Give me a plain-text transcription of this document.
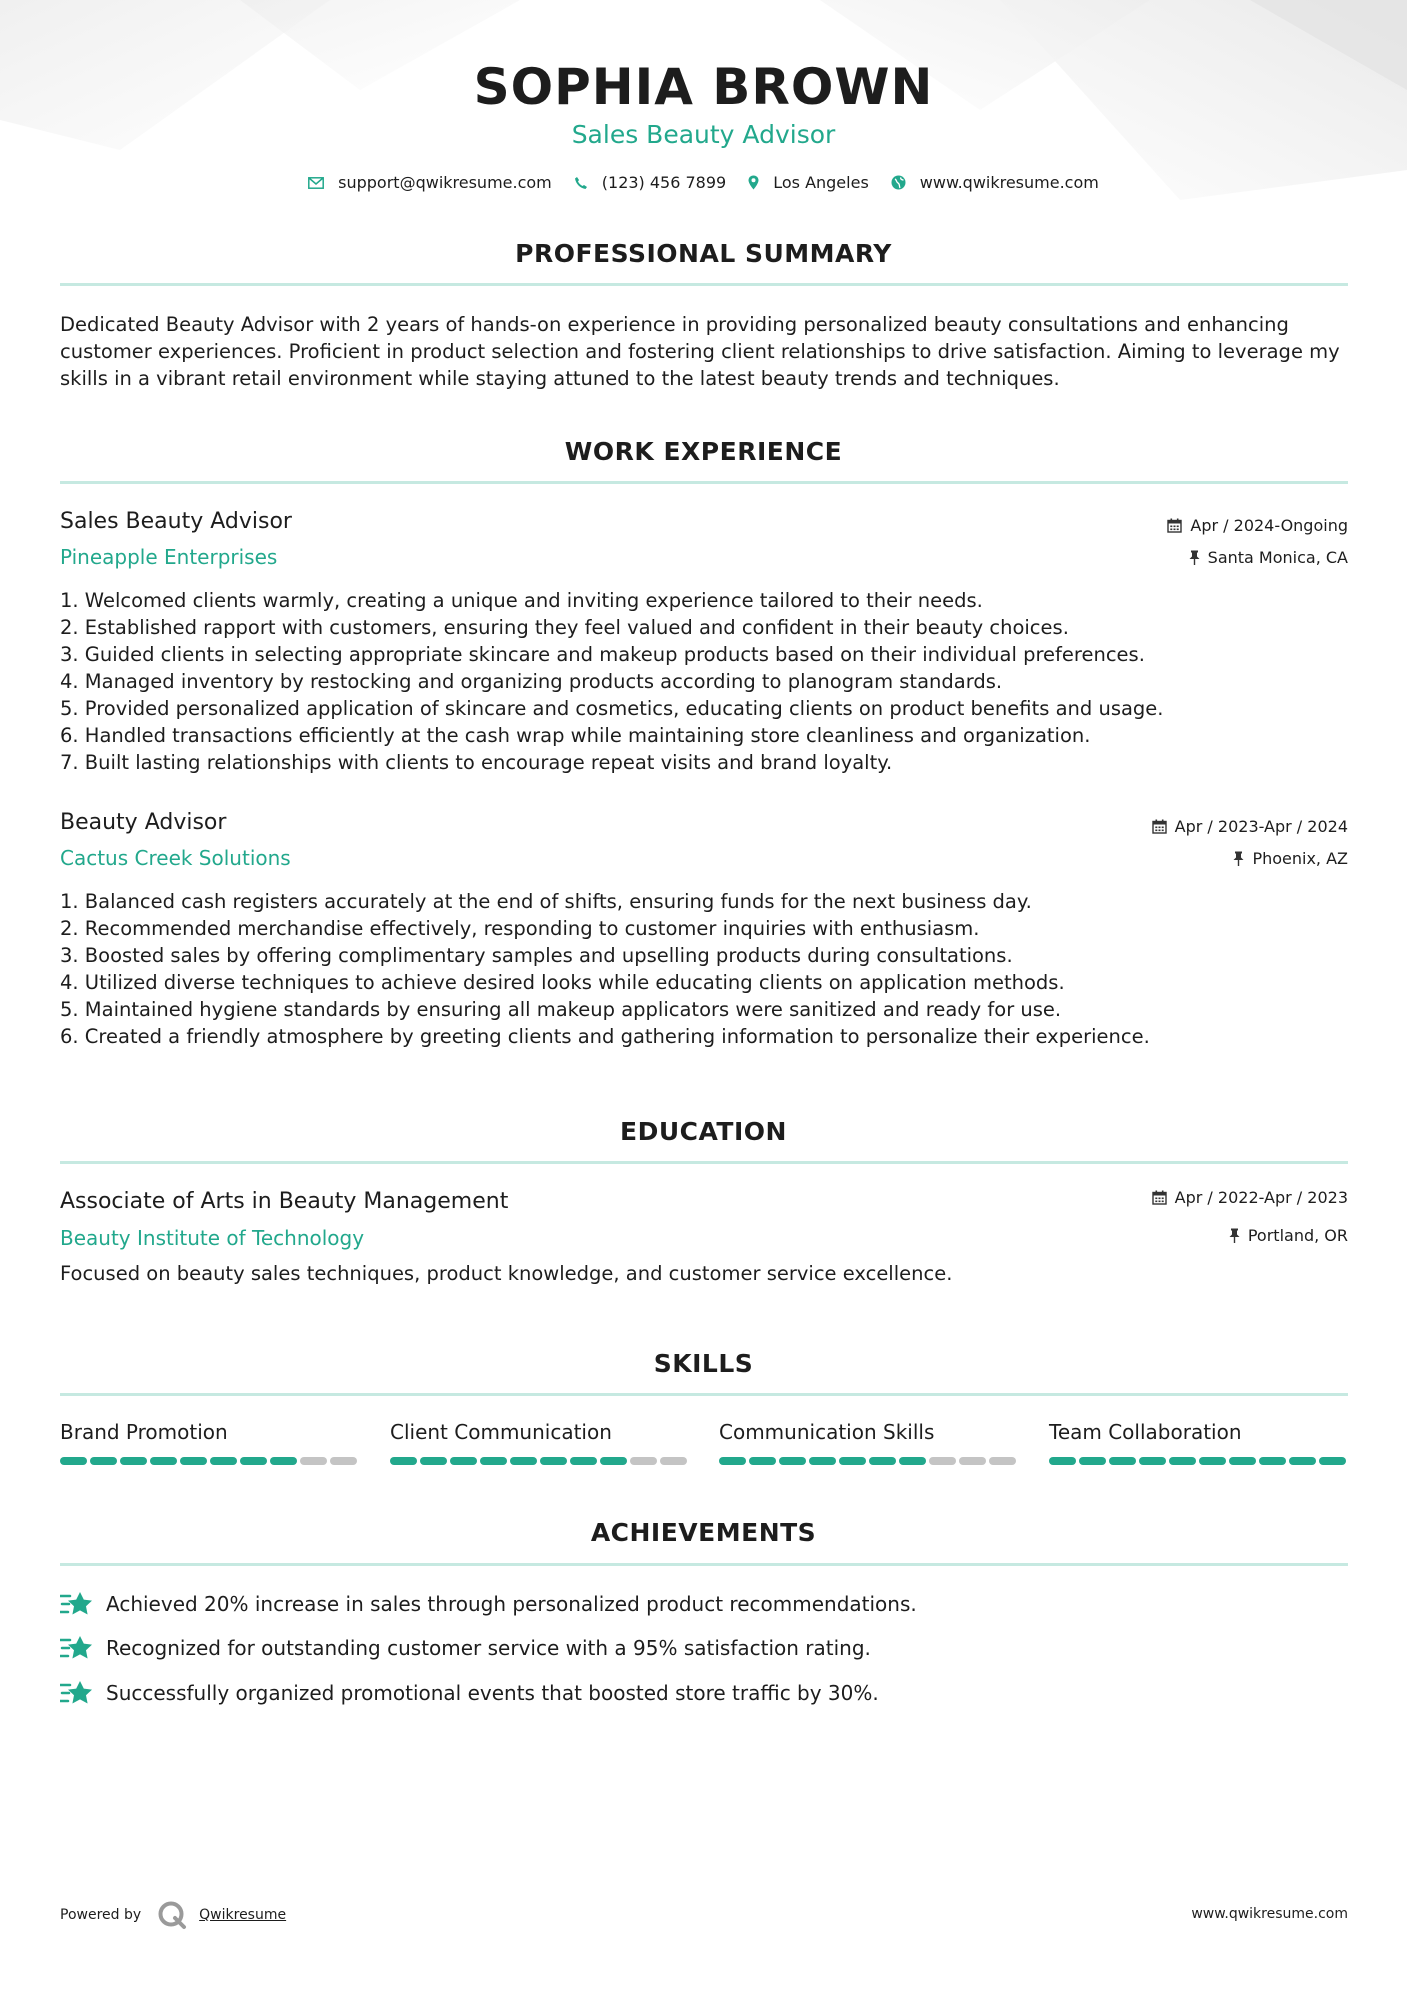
SOPHIA BROWN
Sales Beauty Advisor
support@qwikresume.com	(123) 456 7899	Los Angeles	www.qwikresume.com
PROFESSIONAL SUMMARY
Dedicated Beauty Advisor with 2 years of hands-on experience in providing personalized beauty consultations and enhancing customer experiences. Proficient in product selection and fostering client relationships to drive satisfaction. Aiming to leverage my skills in a vibrant retail environment while staying attuned to the latest beauty trends and techniques.
WORK EXPERIENCE
Sales Beauty Advisor
Pineapple Enterprises
Apr / 2024-Ongoing
Santa Monica, CA
1. Welcomed clients warmly, creating a unique and inviting experience tailored to their needs.
2. Established rapport with customers, ensuring they feel valued and confident in their beauty choices.
3. Guided clients in selecting appropriate skincare and makeup products based on their individual preferences.
4. Managed inventory by restocking and organizing products according to planogram standards.
5. Provided personalized application of skincare and cosmetics, educating clients on product benefits and usage.
6. Handled transactions efficiently at the cash wrap while maintaining store cleanliness and organization.
7. Built lasting relationships with clients to encourage repeat visits and brand loyalty.
Beauty Advisor
Cactus Creek Solutions
Apr / 2023-Apr / 2024
Phoenix, AZ
1. Balanced cash registers accurately at the end of shifts, ensuring funds for the next business day.
2. Recommended merchandise effectively, responding to customer inquiries with enthusiasm.
3. Boosted sales by offering complimentary samples and upselling products during consultations.
4. Utilized diverse techniques to achieve desired looks while educating clients on application methods.
5. Maintained hygiene standards by ensuring all makeup applicators were sanitized and ready for use.
6. Created a friendly atmosphere by greeting clients and gathering information to personalize their experience.
EDUCATION
Associate of Arts in Beauty Management
Beauty Institute of Technology
Apr / 2022-Apr / 2023
Portland, OR
Focused on beauty sales techniques, product knowledge, and customer service excellence.
SKILLS
Brand Promotion	Client Communication	Communication Skills	Team Collaboration
ACHIEVEMENTS
Achieved 20% increase in sales through personalized product recommendations.
Recognized for outstanding customer service with a 95% satisfaction rating.
Successfully organized promotional events that boosted store traffic by 30%.
Powered by	Qwikresume	www.qwikresume.com
